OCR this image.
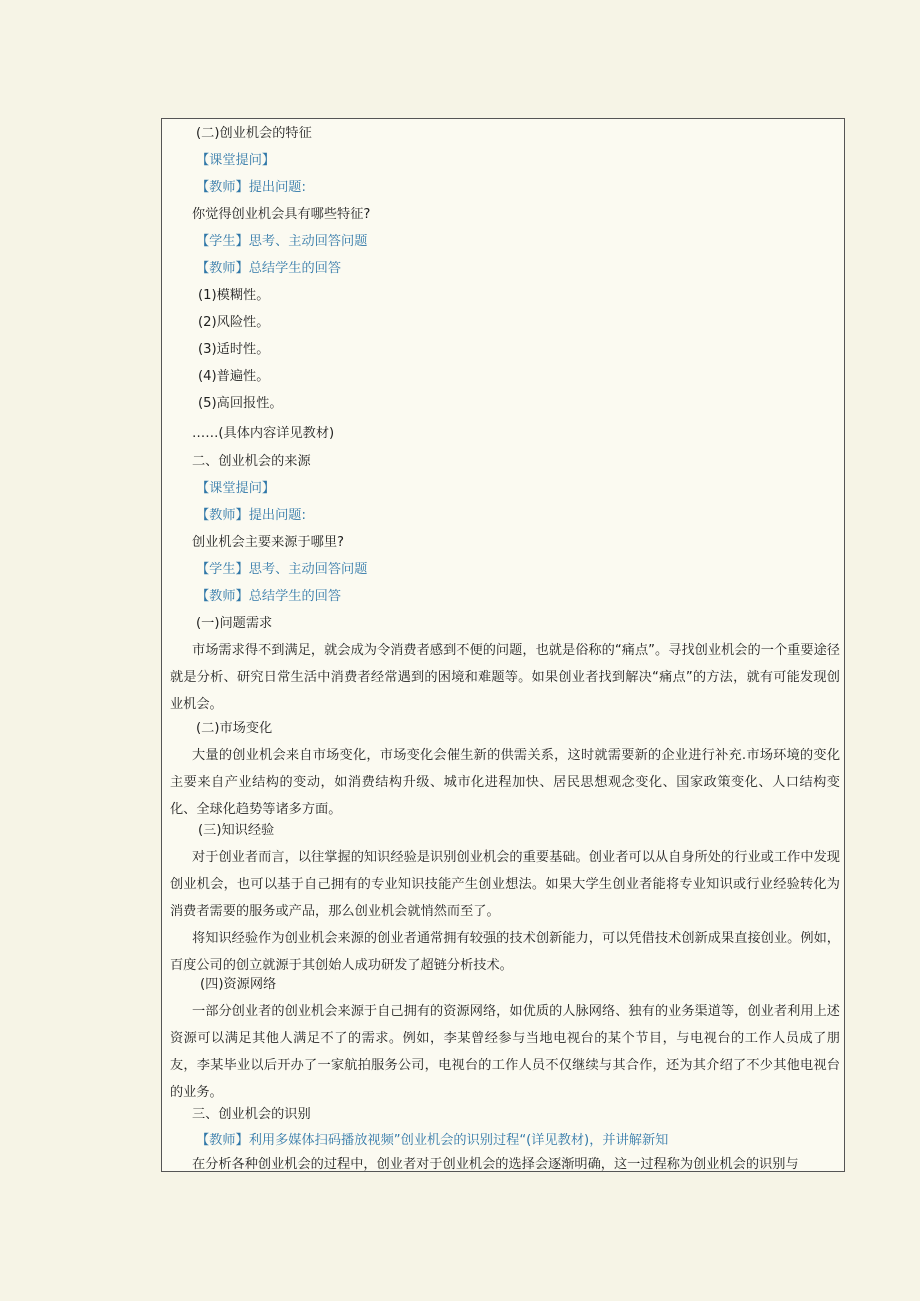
(二)创业机会的特征

【课堂提问】

【教师】提出问题:

你觉得创业机会具有哪些特征?

【学生】思考、主动回答问题

【教师】总结学生的回答

(1)模糊性。

(2)风险性。

(3)适时性。

(4)普遍性。

(5)高回报性。

……(具体内容详见教材)

二、创业机会的来源

【课堂提问】

【教师】提出问题:

创业机会主要来源于哪里?

【学生】思考、主动回答问题

【教师】总结学生的回答

(一)问题需求

市场需求得不到满足，就会成为令消费者感到不便的问题，也就是俗称的“痛点”。寻找创业机会的一个重要途径就是分析、研究日常生活中消费者经常遇到的困境和难题等。如果创业者找到解决“痛点”的方法，就有可能发现创业机会。

(二)市场变化

大量的创业机会来自市场变化，市场变化会催生新的供需关系，这时就需要新的企业进行补充.市场环境的变化主要来自产业结构的变动，如消费结构升级、城市化进程加快、居民思想观念变化、国家政策变化、人口结构变化、全球化趋势等诸多方面。

(三)知识经验

对于创业者而言，以往掌握的知识经验是识别创业机会的重要基础。创业者可以从自身所处的行业或工作中发现创业机会，也可以基于自己拥有的专业知识技能产生创业想法。如果大学生创业者能将专业知识或行业经验转化为消费者需要的服务或产品，那么创业机会就悄然而至了。

将知识经验作为创业机会来源的创业者通常拥有较强的技术创新能力，可以凭借技术创新成果直接创业。例如，百度公司的创立就源于其创始人成功研发了超链分析技术。

(四)资源网络

一部分创业者的创业机会来源于自己拥有的资源网络，如优质的人脉网络、独有的业务渠道等，创业者利用上述资源可以满足其他人满足不了的需求。例如，李某曾经参与当地电视台的某个节目，与电视台的工作人员成了朋友，李某毕业以后开办了一家航拍服务公司，电视台的工作人员不仅继续与其合作，还为其介绍了不少其他电视台的业务。

三、创业机会的识别

【教师】利用多媒体扫码播放视频”创业机会的识别过程“(详见教材)，并讲解新知

在分析各种创业机会的过程中，创业者对于创业机会的选择会逐渐明确，这一过程称为创业机会的识别与
